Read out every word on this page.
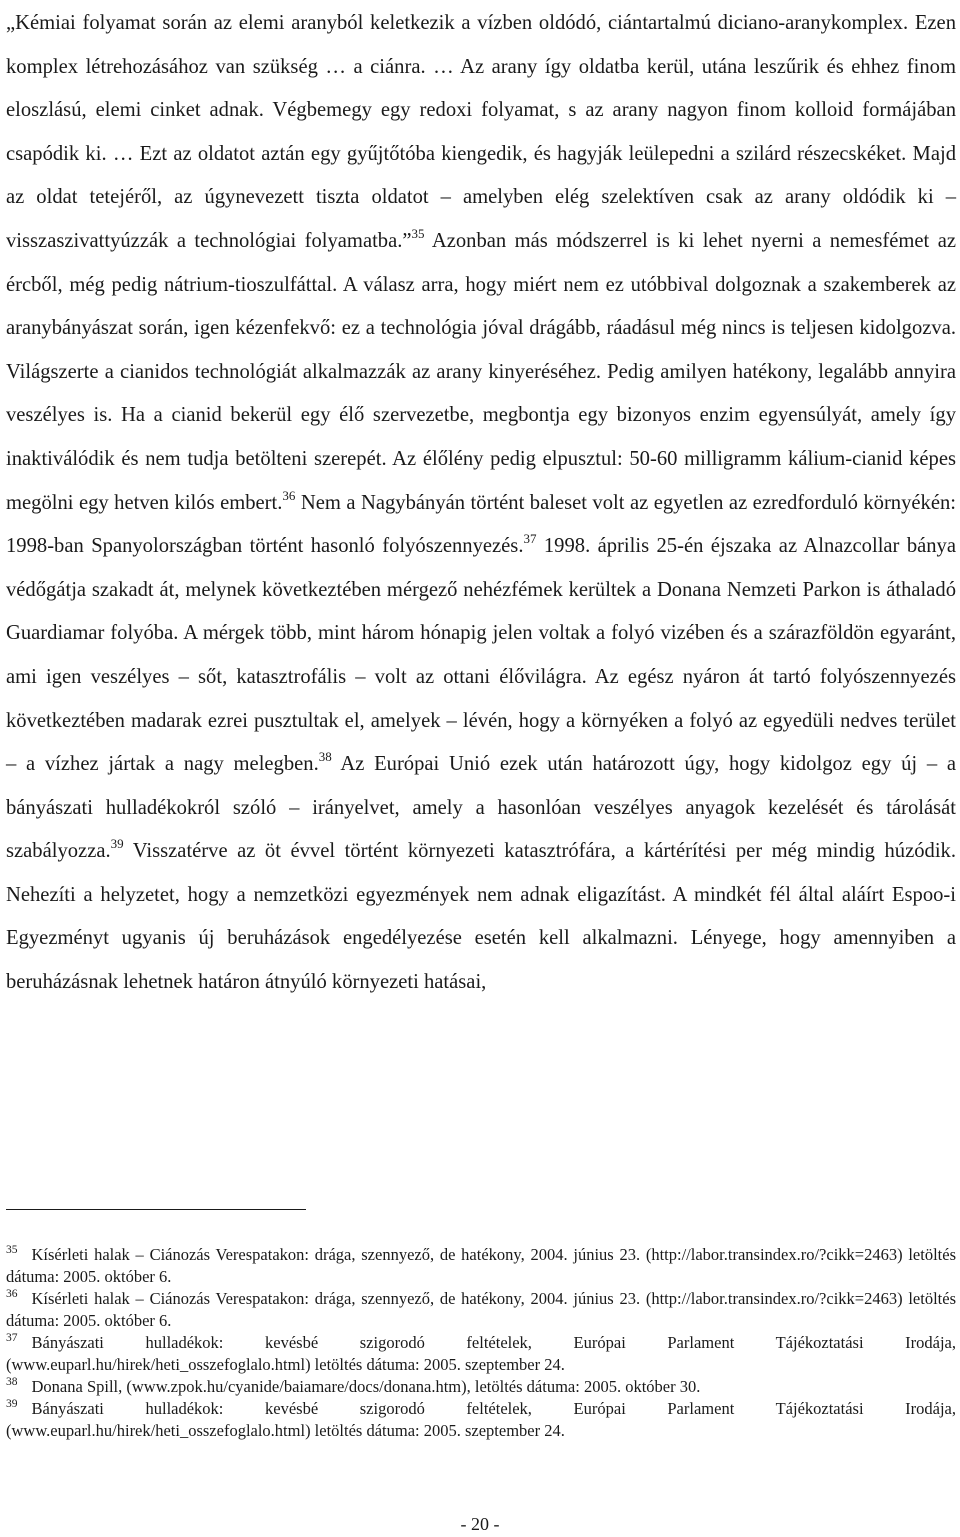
„Kémiai folyamat során az elemi aranyból keletkezik a vízben oldódó, ciántartalmú diciano-aranykomplex. Ezen komplex létrehozásához van szükség … a ciánra. … Az arany így oldatba kerül, utána leszűrik és ehhez finom eloszlású, elemi cinket adnak. Végbemegy egy redoxi folyamat, s az arany nagyon finom kolloid formájában csapódik ki. … Ezt az oldatot aztán egy gyűjtőtóba kiengedik, és hagyják leülepedni a szilárd részecskéket. Majd az oldat tetejéről, az úgynevezett tiszta oldatot – amelyben elég szelektíven csak az arany oldódik ki – visszaszivattyúzzák a technológiai folyamatba.”$^{35}$ Azonban más módszerrel is ki lehet nyerni a nemesfémet az ércből, még pedig nátrium-tioszulfáttal. A válasz arra, hogy miért nem ez utóbbival dolgoznak a szakemberek az aranybányászat során, igen kézenfekvő: ez a technológia jóval drágább, ráadásul még nincs is teljesen kidolgozva. Világszerte a cianidos technológiát alkalmazzák az arany kinyeréséhez. Pedig amilyen hatékony, legalább annyira veszélyes is. Ha a cianid bekerül egy élő szervezetbe, megbontja egy bizonyos enzim egyensúlyát, amely így inaktiválódik és nem tudja betölteni szerepét. Az élőlény pedig elpusztul: 50-60 milligramm kálium-cianid képes megölni egy hetven kilós embert.$^{36}$ Nem a Nagybányán történt baleset volt az egyetlen az ezredforduló környékén: 1998-ban Spanyolországban történt hasonló folyószennyezés.$^{37}$ 1998. április 25-én éjszaka az Alnazcollar bánya védőgátja szakadt át, melynek következtében mérgező nehézfémek kerültek a Donana Nemzeti Parkon is áthaladó Guardiamar folyóba. A mérgek több, mint három hónapig jelen voltak a folyó vizében és a szárazföldön egyaránt, ami igen veszélyes – sőt, katasztrofális – volt az ottani élővilágra. Az egész nyáron át tartó folyószennyezés következtében madarak ezrei pusztultak el, amelyek – lévén, hogy a környéken a folyó az egyedüli nedves terület – a vízhez jártak a nagy melegben.$^{38}$ Az Európai Unió ezek után határozott úgy, hogy kidolgoz egy új – a bányászati hulladékokról szóló – irányelvet, amely a hasonlóan veszélyes anyagok kezelését és tárolását szabályozza.$^{39}$ Visszatérve az öt évvel történt környezeti katasztrófára, a kártérítési per még mindig húzódik. Nehezíti a helyzetet, hogy a nemzetközi egyezmények nem adnak eligazítást. A mindkét fél által aláírt Espoo-i Egyezményt ugyanis új beruházások engedélyezése esetén kell alkalmazni. Lényege, hogy amennyiben a beruházásnak lehetnek határon átnyúló környezeti hatásai,

$^{35}$ Kísérleti halak – Ciánozás Verespatakon: drága, szennyező, de hatékony, 2004. június 23. (http://labor.transindex.ro/?cikk=2463) letöltés dátuma: 2005. október 6.

$^{36}$ Kísérleti halak – Ciánozás Verespatakon: drága, szennyező, de hatékony, 2004. június 23. (http://labor.transindex.ro/?cikk=2463) letöltés dátuma: 2005. október 6.

$^{37}$ Bányászati hulladékok: kevésbé szigorodó feltételek, Európai Parlament Tájékoztatási Irodája, (www.euparl.hu/hirek/heti_osszefoglalo.html) letöltés dátuma: 2005. szeptember 24.

$^{38}$ Donana Spill, (www.zpok.hu/cyanide/baiamare/docs/donana.htm), letöltés dátuma: 2005. október 30.

$^{39}$ Bányászati hulladékok: kevésbé szigorodó feltételek, Európai Parlament Tájékoztatási Irodája, (www.euparl.hu/hirek/heti_osszefoglalo.html) letöltés dátuma: 2005. szeptember 24.

- 20 -
